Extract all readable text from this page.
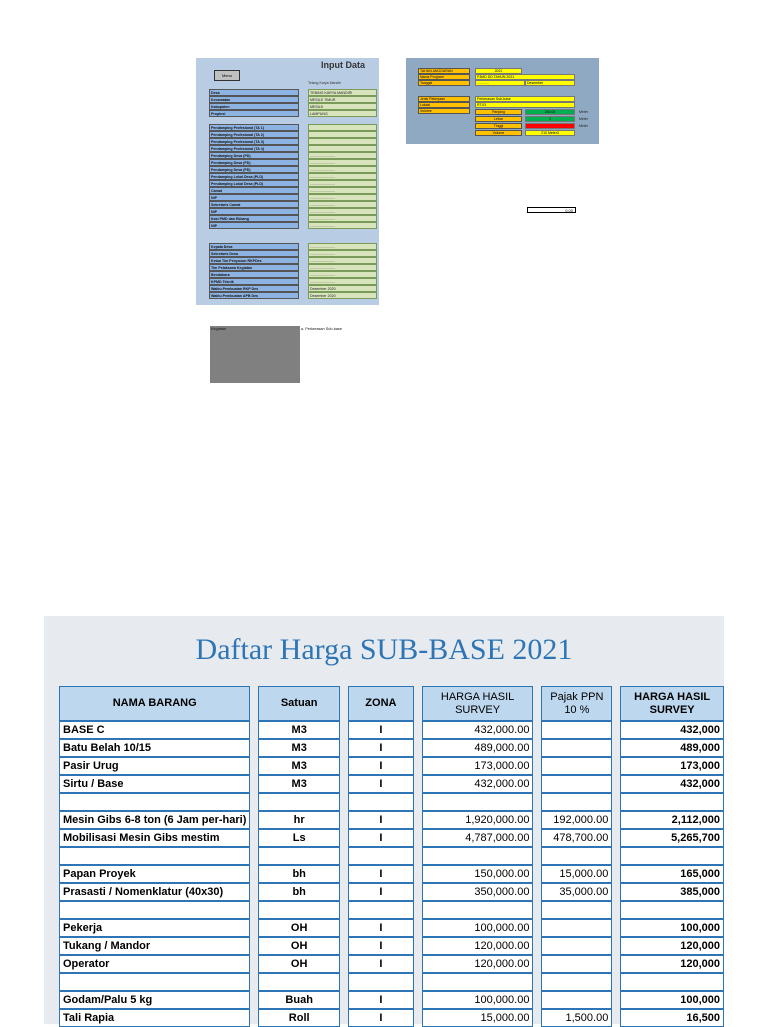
Input Data
Menu
Tetang Karya Mandiri
Desa	TEBING KARYA MANDIRI
Kecamatan	MESUJI TIMUR
Kabupaten	MESUJI
Propinsi	LAMPUNG
Pendamping Profesional (TA 1)
Pendamping Profesional (TA 2)
Pendamping Profesional (TA 3)
Pendamping Profesional (TA 4)
Pendamping Desa (PD)	.........................
Pendamping Desa (PD)	.........................
Pendamping Desa (PD)	.........................
Pendamping Lokal Desa (PLD)	.........................
Pendamping Lokal Desa (PLD)	.........................
Camat	.........................
NIP	.........................
Sekretaris Camat	.........................
NIP	.........................
Kasi PMD dan Ekbang	.........................
NIP	.........................
Kepala Desa	.........................
Sekretaris Desa	.........................
Ketua Tim Penyusun RKPDes	.........................
Tim Pelaksana Kegiatan	.........................
Bendahara	.........................
KPMD Teknik	.........................
Waktu Pembuatan RKP Des	Desember 2020
Waktu Pembuatan APB Des	Desember 2020
TAHUN ANGGARAN	2021
Nama Program	P3MD DD TAHUN 2021
Tanggal	............	Desember
Jenis Pekerjaan	Perkerasan Sub-base
Lokasi	RT.03
Volume	Panjang	250.00	Meter
Lebar	3	Meter
Tinggi	Meter
Volume	210 Meter3
0.00
Kegiatan	a. Perkerasan Sub-base
Daftar Harga SUB-BASE 2021
NAMA BARANG		Satuan		ZONA		HARGA HASIL SURVEY		Pajak PPN 10 %		HARGA HASIL SURVEY
BASE C		M3		I		432,000.00				432,000
Batu Belah 10/15		M3		I		489,000.00				489,000
Pasir Urug		M3		I		173,000.00				173,000
Sirtu / Base		M3		I		432,000.00				432,000

Mesin Gibs 6-8 ton (6 Jam per-hari)		hr		I		1,920,000.00		192,000.00		2,112,000
Mobilisasi Mesin Gibs mestim		Ls		I		4,787,000.00		478,700.00		5,265,700

Papan Proyek		bh		I		150,000.00		15,000.00		165,000
Prasasti / Nomenklatur (40x30)		bh		I		350,000.00		35,000.00		385,000

Pekerja		OH		I		100,000.00				100,000
Tukang / Mandor		OH		I		120,000.00				120,000
Operator		OH		I		120,000.00				120,000

Godam/Palu 5 kg		Buah		I		100,000.00				100,000
Tali Rapia		Roll		I		15,000.00		1,500.00		16,500
